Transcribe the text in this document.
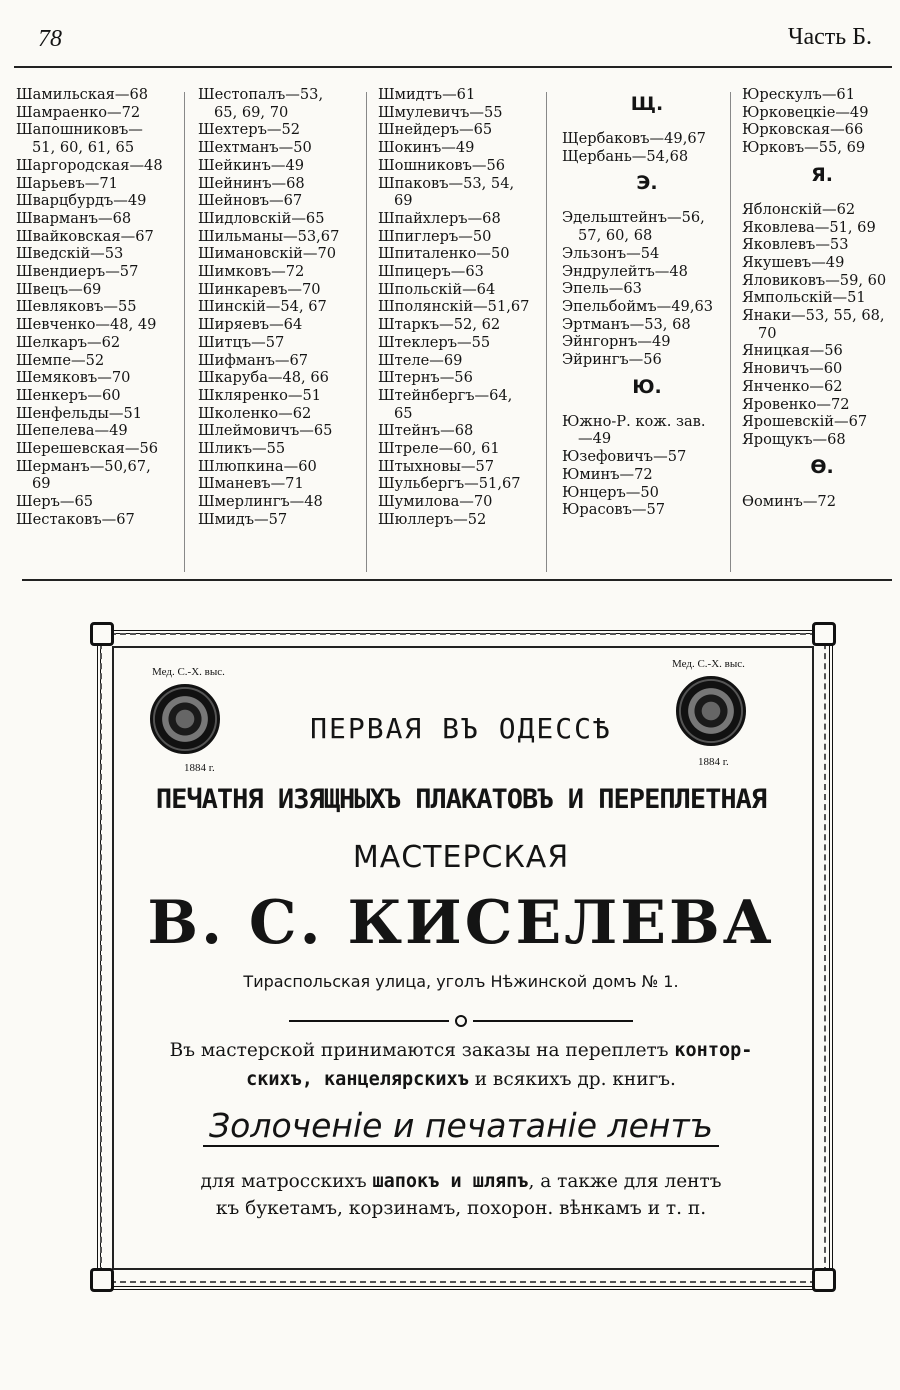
78	Часть Б.
Шамильская—68
Шамраенко—72
Шапошниковъ—
51, 60, 61, 65
Шаргородская—48
Шарьевъ—71
Шварцбурдъ—49
Шварманъ—68
Швайковская—67
Шведскій—53
Швендиеръ—57
Швецъ—69
Шевляковъ—55
Шевченко—48, 49
Шелкаръ—62
Шемпе—52
Шемяковъ—70
Шенкеръ—60
Шенфельды—51
Шепелева—49
Шерешевская—56
Шерманъ—50,67,
69
Шеръ—65
Шестаковъ—67
Шестопалъ—53,
65, 69, 70
Шехтеръ—52
Шехтманъ—50
Шейкинъ—49
Шейнинъ—68
Шейновъ—67
Шидловскій—65
Шильманы—53,67
Шимановскій—70
Шимковъ—72
Шинкаревъ—70
Шинскій—54, 67
Ширяевъ—64
Шитцъ—57
Шифманъ—67
Шкаруба—48, 66
Шкляренко—51
Школенко—62
Шлеймовичъ—65
Шликъ—55
Шлюпкина—60
Шманевъ—71
Шмерлингъ—48
Шмидъ—57
Шмидтъ—61
Шмулевичъ—55
Шнейдеръ—65
Шокинъ—49
Шошниковъ—56
Шпаковъ—53, 54,
69
Шпайхлеръ—68
Шпиглеръ—50
Шпиталенко—50
Шпицеръ—63
Шпольскій—64
Шполянскій—51,67
Штаркъ—52, 62
Штеклеръ—55
Штеле—69
Штернъ—56
Штейнбергъ—64,
65
Штейнъ—68
Штреле—60, 61
Штыхновы—57
Шульбергъ—51,67
Шумилова—70
Шюллеръ—52
Щ.
Щербаковъ—49,67
Щербань—54,68
Э.
Эдельштейнъ—56,
57, 60, 68
Эльзонъ—54
Эндрулейтъ—48
Эпель—63
Эпельбоймъ—49,63
Эртманъ—53, 68
Эйнгорнъ—49
Эйрингъ—56
Ю.
Южно-Р. кож. зав.
—49
Юзефовичъ—57
Юминъ—72
Юнцеръ—50
Юрасовъ—57
Юрескулъ—61
Юрковецкіе—49
Юрковская—66
Юрковъ—55, 69
Я.
Яблонскій—62
Яковлева—51, 69
Яковлевъ—53
Якушевъ—49
Яловиковъ—59, 60
Ямпольскій—51
Янаки—53, 55, 68,
70
Яницкая—56
Яновичъ—60
Янченко—62
Яровенко—72
Ярошевскій—67
Ярощукъ—68
Ѳ.
Ѳоминъ—72
Мед. С.-Х. выс.
1884 г.
Мед. С.-Х. выс.
1884 г.
ПЕРВАЯ ВЪ ОДЕССѢ
ПЕЧАТНЯ ИЗЯЩНЫХЪ ПЛАКАТОВЪ И ПЕРЕПЛЕТНАЯ
МАСТЕРСКАЯ
В. С. КИСЕЛЕВА
Тираспольская улица, уголъ Нѣжинской домъ № 1.
Въ мастерской принимаются заказы на переплетъ контор-
скихъ, канцелярскихъ и всякихъ др. книгъ.
Золоченіе и печатаніе лентъ
для матросскихъ шапокъ и шляпъ, а также для лентъ
къ букетамъ, корзинамъ, похорон. вѣнкамъ и т. п.
